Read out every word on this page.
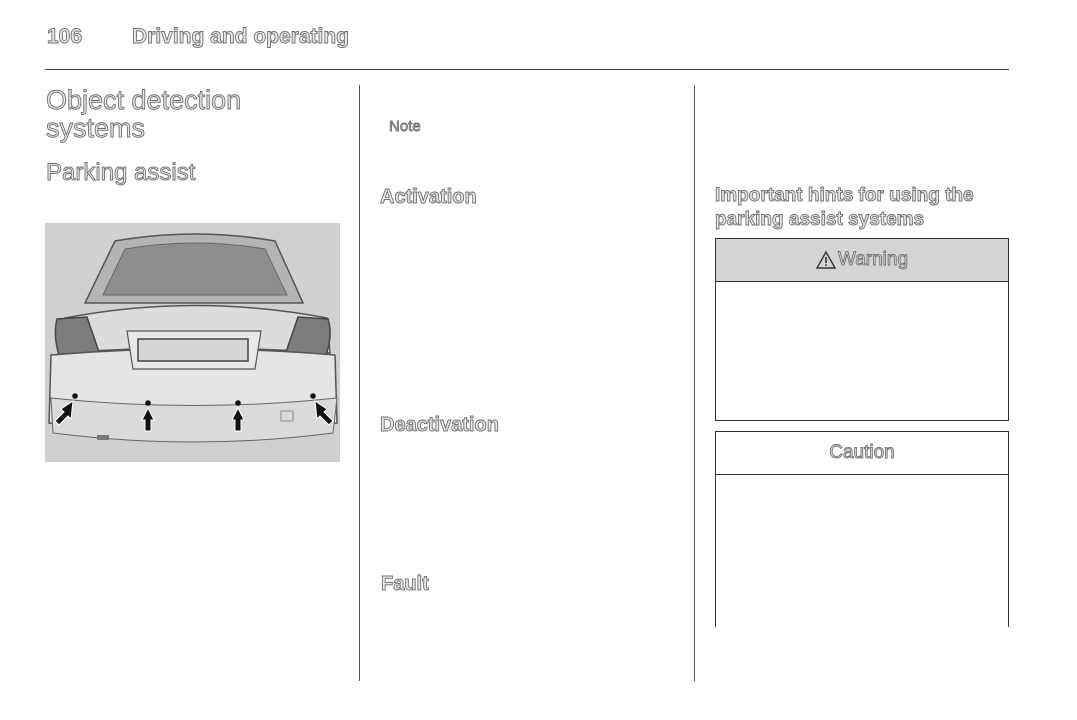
106 Driving and operating
Object detection systems
Parking assist
Note
Activation
Deactivation
Fault
Important hints for using the parking assist systems
Warning
Caution
